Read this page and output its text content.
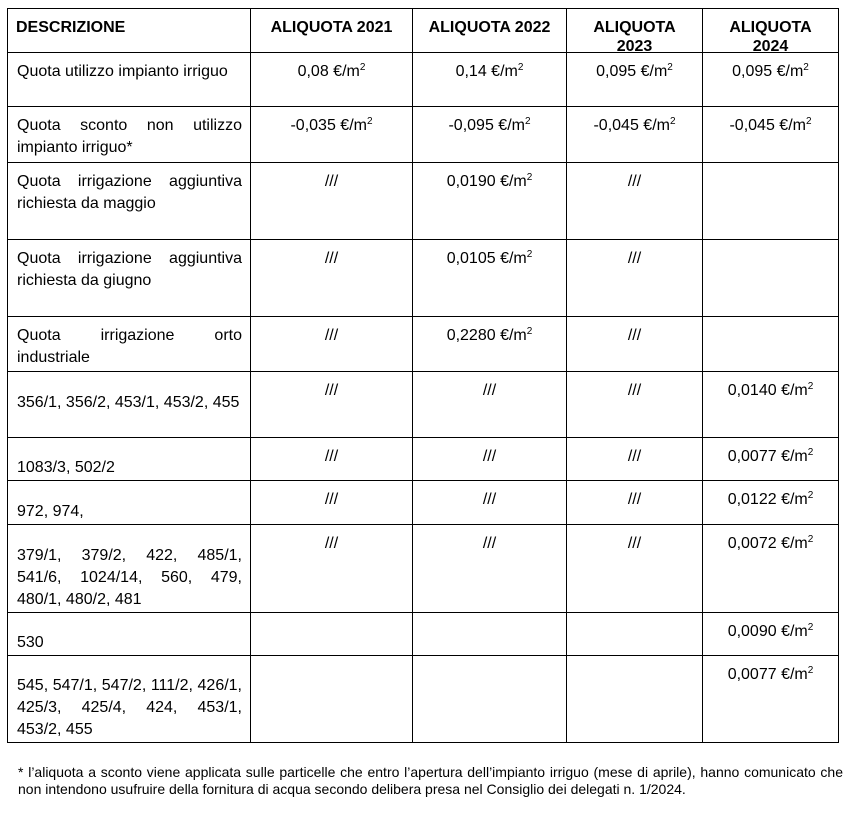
DESCRIZIONE	ALIQUOTA 2021	ALIQUOTA 2022	ALIQUOTA 2023	ALIQUOTA 2024

Quota utilizzo impianto irriguo	0,08 $€/m^2$	0,14 $€/m^2$	0,095 $€/m^2$	0,095 $€/m^2$

Quota sconto non utilizzo impianto irriguo*	-0,035 $€/m^2$	-0,095 $€/m^2$	-0,045 $€/m^2$	-0,045 $€/m^2$

Quota irrigazione aggiuntiva richiesta da maggio	///	0,0190 $€/m^2$	///	

Quota irrigazione aggiuntiva richiesta da giugno	///	0,0105 $€/m^2$	///	

Quota irrigazione orto industriale	///	0,2280 $€/m^2$	///	

356/1, 356/2, 453/1, 453/2, 455	///	///	///	0,0140 $€/m^2$

1083/3, 502/2	///	///	///	0,0077 $€/m^2$

972, 974,	///	///	///	0,0122 $€/m^2$

379/1, 379/2, 422, 485/1, 541/6, 1024/14, 560, 479, 480/1, 480/2, 481	///	///	///	0,0072 $€/m^2$

530				0,0090 $€/m^2$

545, 547/1, 547/2, 111/2, 426/1, 425/3, 425/4, 424, 453/1, 453/2, 455				0,0077 $€/m^2$
* l’aliquota a sconto viene applicata sulle particelle che entro l’apertura dell’impianto irriguo (mese di aprile), hanno comunicato che non intendono usufruire della fornitura di acqua secondo delibera presa nel Consiglio dei delegati n. 1/2024.
